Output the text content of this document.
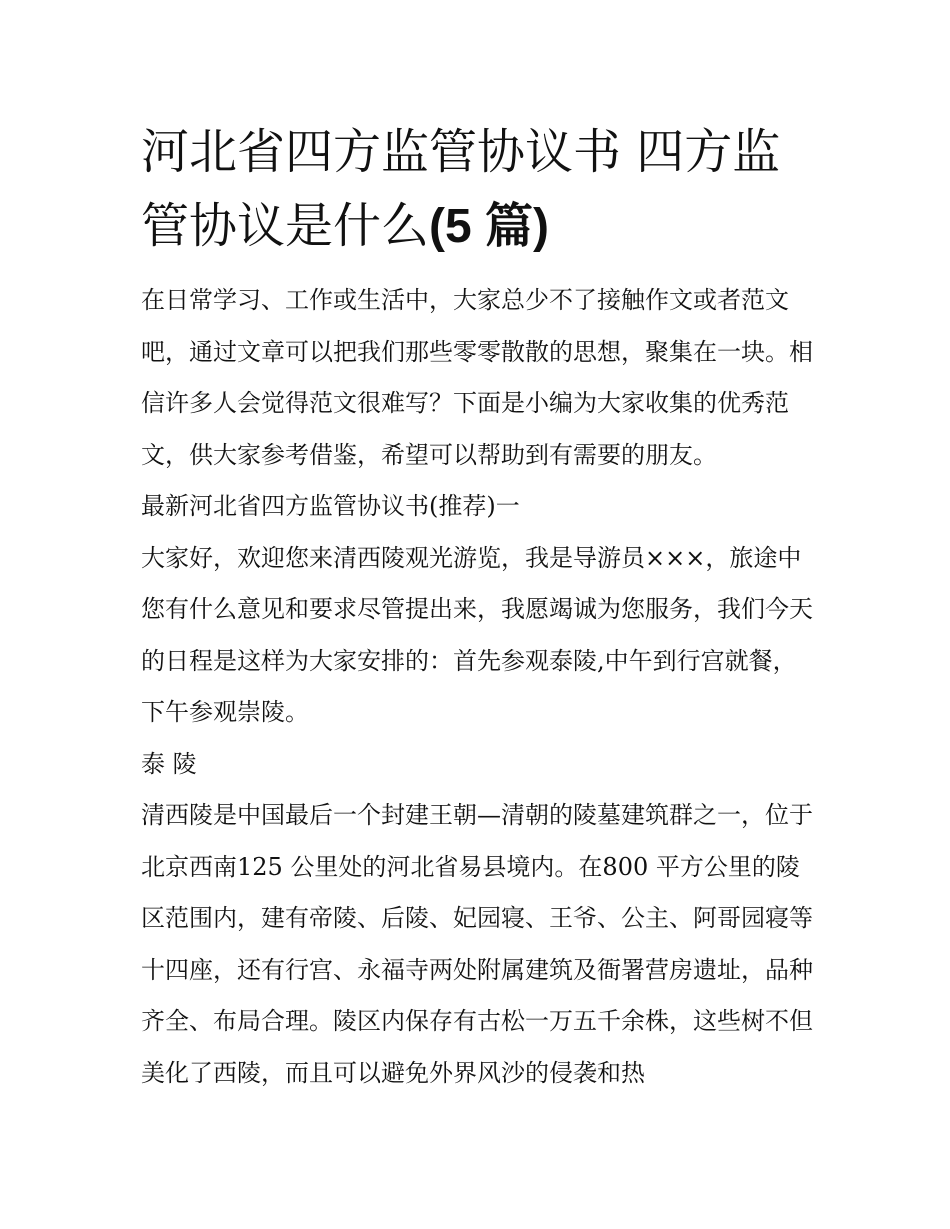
河北省四方监管协议书 四方监管协议是什么(5 篇)

在日常学习、工作或生活中，大家总少不了接触作文或者范文吧，通过文章可以把我们那些零零散散的思想，聚集在一块。相信许多人会觉得范文很难写？下面是小编为大家收集的优秀范文，供大家参考借鉴，希望可以帮助到有需要的朋友。

最新河北省四方监管协议书(推荐)一

大家好，欢迎您来清西陵观光游览，我是导游员×××，旅途中您有什么意见和要求尽管提出来，我愿竭诚为您服务，我们今天的日程是这样为大家安排的：首先参观泰陵,中午到行宫就餐，下午参观崇陵。

泰 陵

清西陵是中国最后一个封建王朝—清朝的陵墓建筑群之一，位于北京西南125 公里处的河北省易县境内。在800 平方公里的陵区范围内，建有帝陵、后陵、妃园寝、王爷、公主、阿哥园寝等十四座，还有行宫、永福寺两处附属建筑及衙署营房遗址，品种齐全、布局合理。陵区内保存有古松一万五千余株，这些树不但美化了西陵，而且可以避免外界风沙的侵袭和热
